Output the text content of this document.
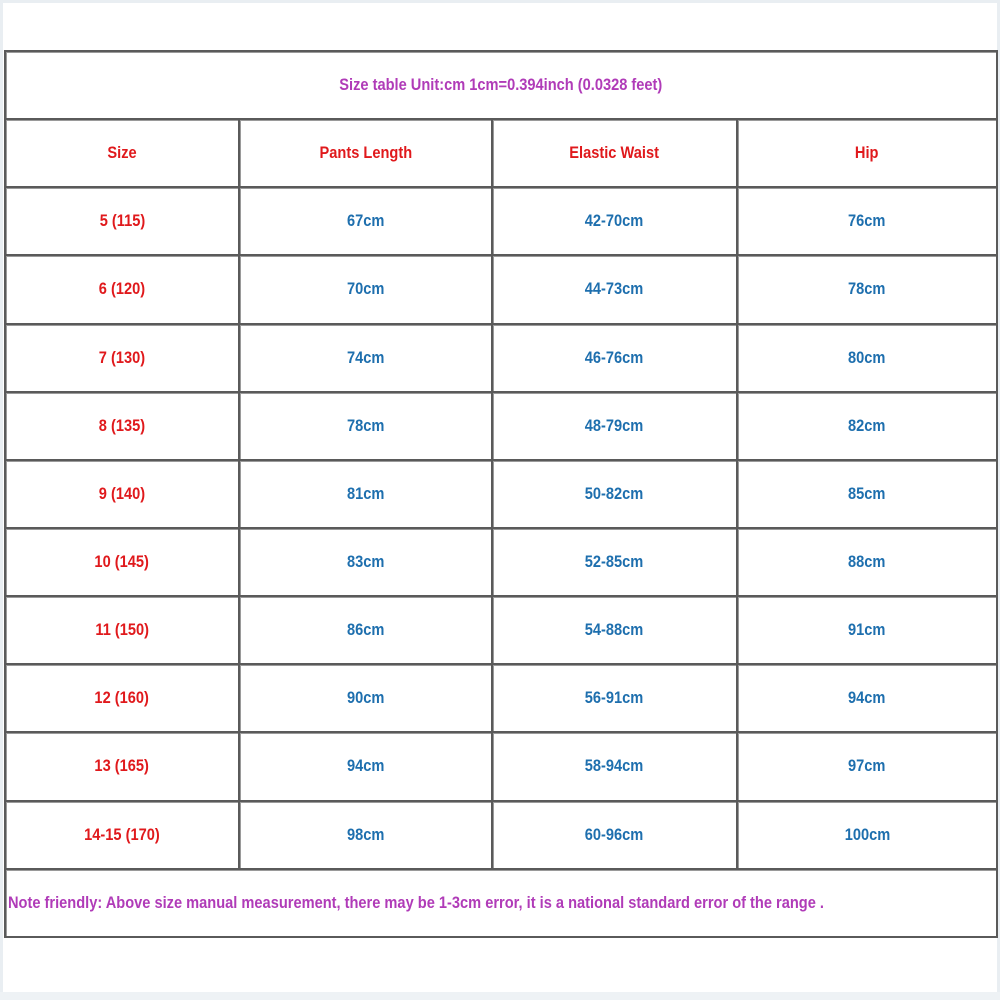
Size table Unit:cm 1cm=0.394inch (0.0328 feet)			
Size	Pants Length	Elastic Waist	Hip
5 (115)	67cm	42-70cm	76cm
6 (120)	70cm	44-73cm	78cm
7 (130)	74cm	46-76cm	80cm
8 (135)	78cm	48-79cm	82cm
9 (140)	81cm	50-82cm	85cm
10 (145)	83cm	52-85cm	88cm
11 (150)	86cm	54-88cm	91cm
12 (160)	90cm	56-91cm	94cm
13 (165)	94cm	58-94cm	97cm
14-15 (170)	98cm	60-96cm	100cm
Note friendly: Above size manual measurement, there may be 1-3cm error, it is a national standard error of the range .			
